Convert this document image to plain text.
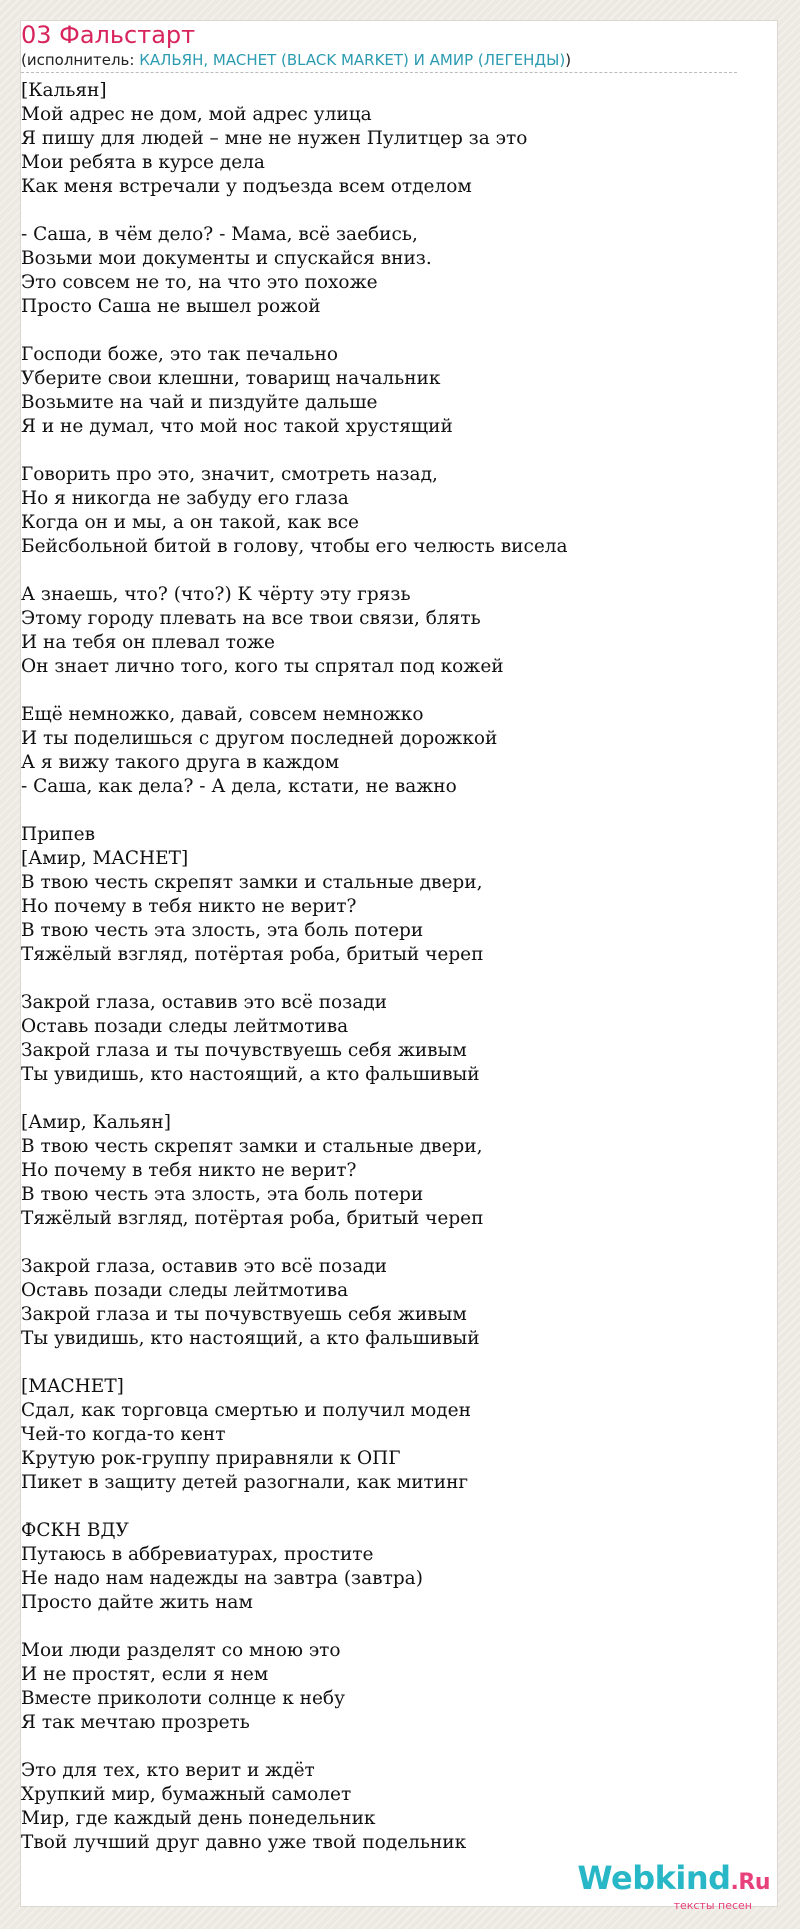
03 Фальстарт
(исполнитель: КАЛЬЯН, MACHET (BLACK MARKET) И АМИР (ЛЕГЕНДЫ))
[Кальян]
Мой адрес не дом, мой адрес улица
Я пишу для людей – мне не нужен Пулитцер за это
Мои ребята в курсе дела
Как меня встречали у подъезда всем отделом
- Саша, в чём дело? - Мама, всё заебись,
Возьми мои документы и спускайся вниз.
Это совсем не то, на что это похоже
Просто Саша не вышел рожой
Господи боже, это так печально
Уберите свои клешни, товарищ начальник
Возьмите на чай и пиздуйте дальше
Я и не думал, что мой нос такой хрустящий
Говорить про это, значит, смотреть назад,
Но я никогда не забуду его глаза
Когда он и мы, а он такой, как все
Бейсбольной битой в голову, чтобы его челюсть висела
А знаешь, что? (что?) К чёрту эту грязь
Этому городу плевать на все твои связи, блять
И на тебя он плевал тоже
Он знает лично того, кого ты спрятал под кожей
Ещё немножко, давай, совсем немножко
И ты поделишься с другом последней дорожкой
А я вижу такого друга в каждом
- Саша, как дела? - А дела, кстати, не важно
Припев
[Амир, MACHET]
В твою честь скрепят замки и стальные двери,
Но почему в тебя никто не верит?
В твою честь эта злость, эта боль потери
Тяжёлый взгляд, потёртая роба, бритый череп
Закрой глаза, оставив это всё позади
Оставь позади следы лейтмотива
Закрой глаза и ты почувствуешь себя живым
Ты увидишь, кто настоящий, а кто фальшивый
[Амир, Кальян]
В твою честь скрепят замки и стальные двери,
Но почему в тебя никто не верит?
В твою честь эта злость, эта боль потери
Тяжёлый взгляд, потёртая роба, бритый череп
Закрой глаза, оставив это всё позади
Оставь позади следы лейтмотива
Закрой глаза и ты почувствуешь себя живым
Ты увидишь, кто настоящий, а кто фальшивый
[MACHET]
Сдал, как торговца смертью и получил моден
Чей-то когда-то кент
Крутую рок-группу приравняли к ОПГ
Пикет в защиту детей разогнали, как митинг
ФСКН ВДУ
Путаюсь в аббревиатурах, простите
Не надо нам надежды на завтра (завтра)
Просто дайте жить нам
Мои люди разделят со мною это
И не простят, если я нем
Вместе приколоти солнце к небу
Я так мечтаю прозреть
Это для тех, кто верит и ждёт
Хрупкий мир, бумажный самолет
Мир, где каждый день понедельник
Твой лучший друг давно уже твой подельник
Webkind.Ru
тексты песен
